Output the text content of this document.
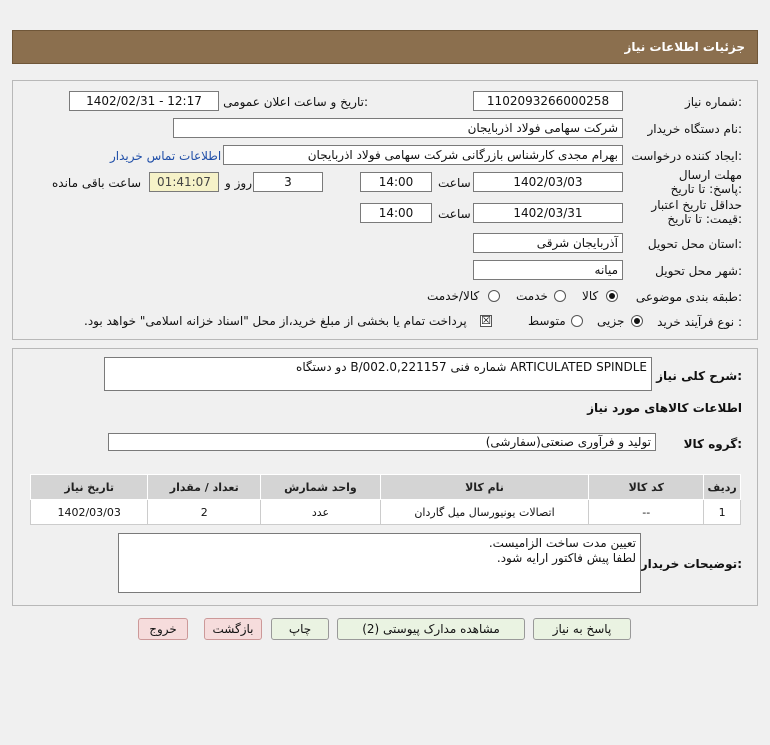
جزئیات اطلاعات نیاز
شماره نیاز:
1102093266000258
تاریخ و ساعت اعلان عمومی:
1402/02/31 - 12:17
نام دستگاه خریدار:
شرکت سهامی فولاد اذربایجان
ایجاد کننده درخواست:
بهرام مجدی کارشناس بازرگانی شرکت سهامی فولاد اذربایجان
اطلاعات تماس خریدار
مهلت ارسال پاسخ: تا تاریخ:
1402/03/03
ساعت
14:00
3
روز و
01:41:07
ساعت باقی مانده
حداقل تاریخ اعتبار قیمت: تا تاریخ:
1402/03/31
ساعت
14:00
استان محل تحویل:
آذربایجان شرقی
شهر محل تحویل:
میانه
طبقه بندی موضوعی:
کالا
خدمت
کالا/خدمت
نوع فرآیند خرید :
جزیی
متوسط
☒
پرداخت تمام یا بخشی از مبلغ خرید،از محل "اسناد خزانه اسلامی" خواهد بود.
شرح کلی نیاز:
ARTICULATED SPINDLE شماره فنی B/002.0,221157 دو دستگاه
اطلاعات کالاهای مورد نیاز
گروه کالا:
تولید و فرآوری صنعتی(سفارشی)
ردیف	کد کالا	نام کالا	واحد شمارش	تعداد / مقدار	تاریخ نیاز
1	--	اتصالات یونیورسال میل گاردان	عدد	2	1402/03/03
توضیحات خریدار:
تعیین مدت ساخت الزامیست.
لطفا پیش فاکتور ارایه شود.
پاسخ به نیاز
مشاهده مدارک پیوستی (2)
چاپ
بازگشت
خروج
